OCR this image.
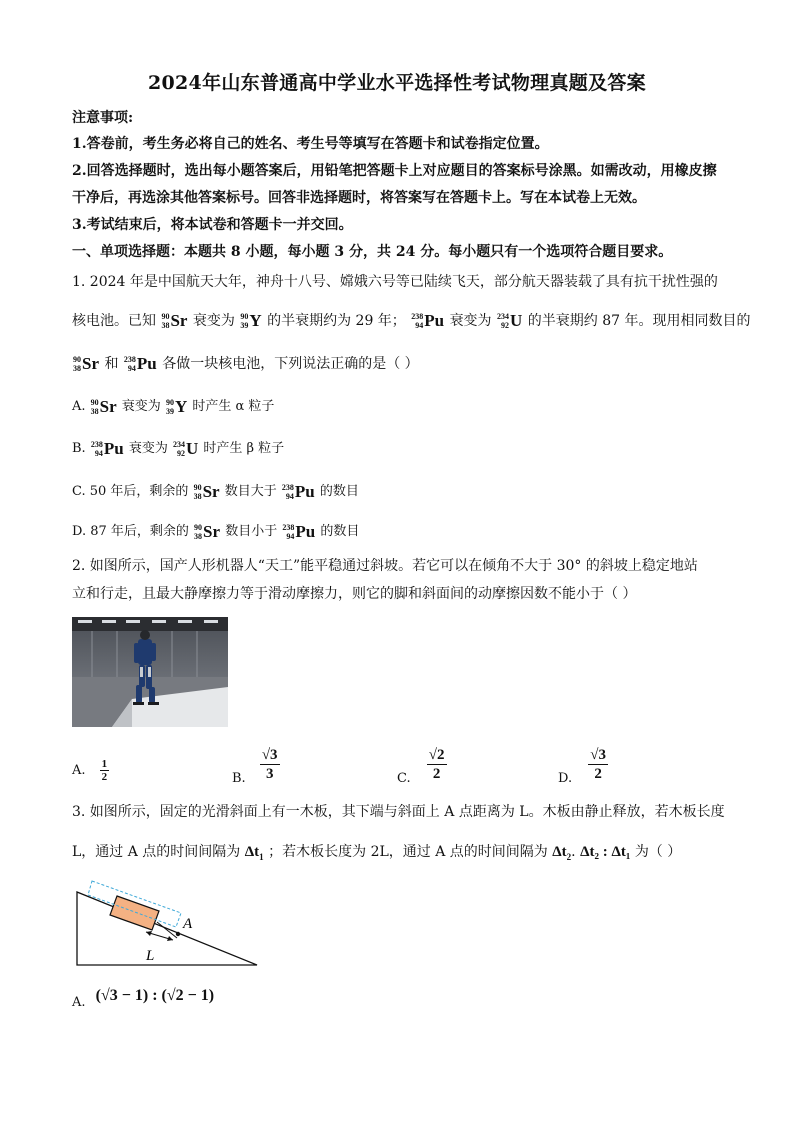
2024年山东普通高中学业水平选择性考试物理真题及答案
注意事项:
1.答卷前，考生务必将自己的姓名、考生号等填写在答题卡和试卷指定位置。
2.回答选择题时，选出每小题答案后，用铅笔把答题卡上对应题目的答案标号涂黑。如需改动，用橡皮擦
干净后，再选涂其他答案标号。回答非选择题时，将答案写在答题卡上。写在本试卷上无效。
3.考试结束后，将本试卷和答题卡一并交回。
一、单项选择题：本题共 8 小题，每小题 3 分，共 24 分。每小题只有一个选项符合题目要求。
1. 2024 年是中国航天大年，神舟十八号、嫦娥六号等已陆续飞天，部分航天器装载了具有抗干扰性强的
核电池。已知 90
38 Sr 衰变为 90
39 Y 的半衰期约为 29 年； 238
94 Pu 衰变为 234
92 U 的半衰期约 87 年。现用相同数目的
90
38 Sr 和 238
94 Pu 各做一块核电池，下列说法正确的是（ ）
A. 90
38 Sr 衰变为 90
39 Y 时产生 α 粒子
B. 238
94 Pu 衰变为 234
92 U 时产生 β 粒子
C. 50 年后，剩余的 90
38 Sr 数目大于 238
94 Pu 的数目
D. 87 年后，剩余的 90
38 Sr 数目小于 238
94 Pu 的数目
2. 如图所示，国产人形机器人“天工”能平稳通过斜坡。若它可以在倾角不大于 30° 的斜坡上稳定地站
立和行走，且最大静摩擦力等于滑动摩擦力，则它的脚和斜面间的动摩擦因数不能小于（ ）
A. $\frac{1}{2}$	B. $\frac{√3}{3}$	C. $\frac{√2}{2}$	D. $\frac{√3}{2}$
3. 如图所示，固定的光滑斜面上有一木板，其下端与斜面上 A 点距离为 L。木板由静止释放，若木板长度
L，通过 A 点的时间间隔为 $\Delta t_1$ ；若木板长度为 2L，通过 A 点的时间间隔为 $\Delta t_2$. Δt₂ : Δt₁ 为（ ）
A
L
A. (√3 − 1) : (√2 − 1)
